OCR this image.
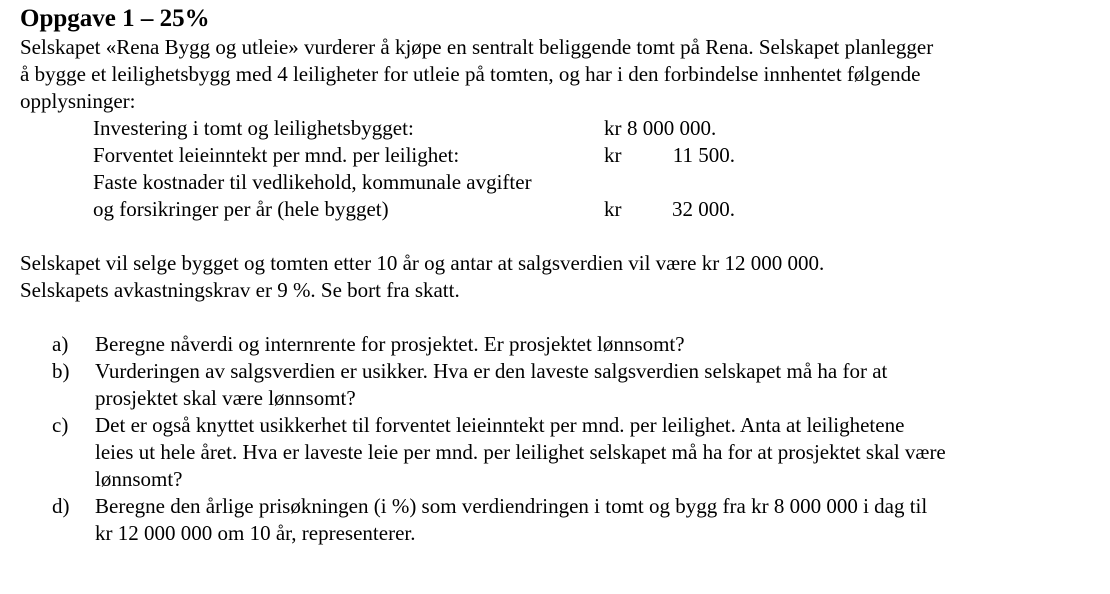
Oppgave 1 – 25%
Selskapet «Rena Bygg og utleie» vurderer å kjøpe en sentralt beliggende tomt på Rena. Selskapet planlegger
å bygge et leilighetsbygg med 4 leiligheter for utleie på tomten, og har i den forbindelse innhentet følgende
opplysninger:
Investering i tomt og leilighetsbygget:	kr 8 000 000.
Forventet leieinntekt per mnd. per leilighet:	kr 11 500.
Faste kostnader til vedlikehold, kommunale avgifter
og forsikringer per år (hele bygget)	kr 32 000.
Selskapet vil selge bygget og tomten etter 10 år og antar at salgsverdien vil være kr 12 000 000.
Selskapets avkastningskrav er 9 %. Se bort fra skatt.
a) Beregne nåverdi og internrente for prosjektet. Er prosjektet lønnsomt?
b) Vurderingen av salgsverdien er usikker. Hva er den laveste salgsverdien selskapet må ha for at
prosjektet skal være lønnsomt?
c) Det er også knyttet usikkerhet til forventet leieinntekt per mnd. per leilighet. Anta at leilighetene
leies ut hele året. Hva er laveste leie per mnd. per leilighet selskapet må ha for at prosjektet skal være
lønnsomt?
d) Beregne den årlige prisøkningen (i %) som verdiendringen i tomt og bygg fra kr 8 000 000 i dag til
kr 12 000 000 om 10 år, representerer.
